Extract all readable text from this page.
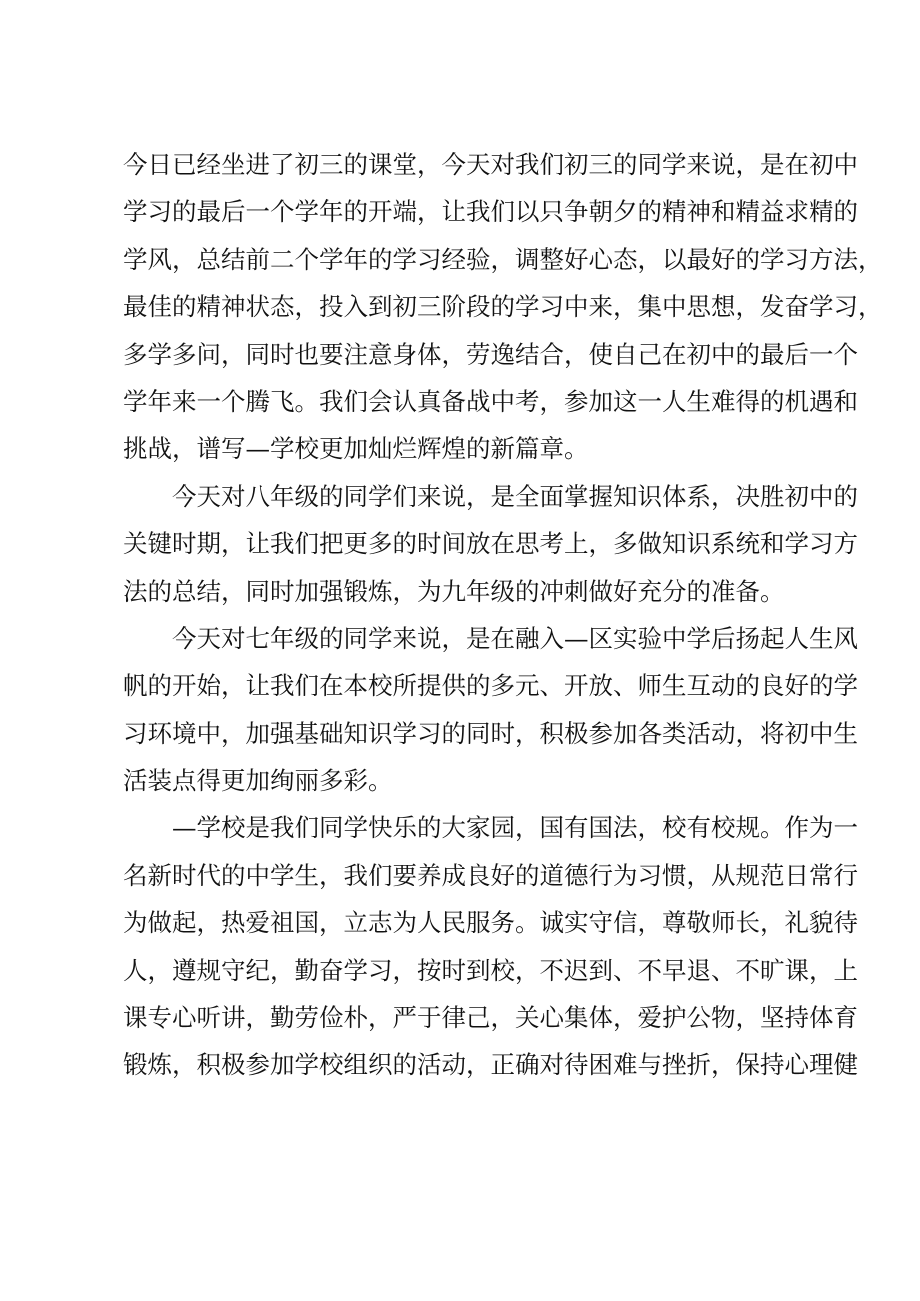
今日已经坐进了初三的课堂，今天对我们初三的同学来说，是在初中
学习的最后一个学年的开端，让我们以只争朝夕的精神和精益求精的
学风，总结前二个学年的学习经验，调整好心态，以最好的学习方法，
最佳的精神状态，投入到初三阶段的学习中来，集中思想，发奋学习，
多学多问，同时也要注意身体，劳逸结合，使自己在初中的最后一个
学年来一个腾飞。我们会认真备战中考，参加这一人生难得的机遇和
挑战，谱写—学校更加灿烂辉煌的新篇章。
今天对八年级的同学们来说，是全面掌握知识体系，决胜初中的
关键时期，让我们把更多的时间放在思考上，多做知识系统和学习方
法的总结，同时加强锻炼，为九年级的冲刺做好充分的准备。
今天对七年级的同学来说，是在融入—区实验中学后扬起人生风
帆的开始，让我们在本校所提供的多元、开放、师生互动的良好的学
习环境中，加强基础知识学习的同时，积极参加各类活动，将初中生
活装点得更加绚丽多彩。
—学校是我们同学快乐的大家园，国有国法，校有校规。作为一
名新时代的中学生，我们要养成良好的道德行为习惯，从规范日常行
为做起，热爱祖国，立志为人民服务。诚实守信，尊敬师长，礼貌待
人，遵规守纪，勤奋学习，按时到校，不迟到、不早退、不旷课，上
课专心听讲，勤劳俭朴，严于律己，关心集体，爱护公物，坚持体育
锻炼，积极参加学校组织的活动，正确对待困难与挫折，保持心理健
